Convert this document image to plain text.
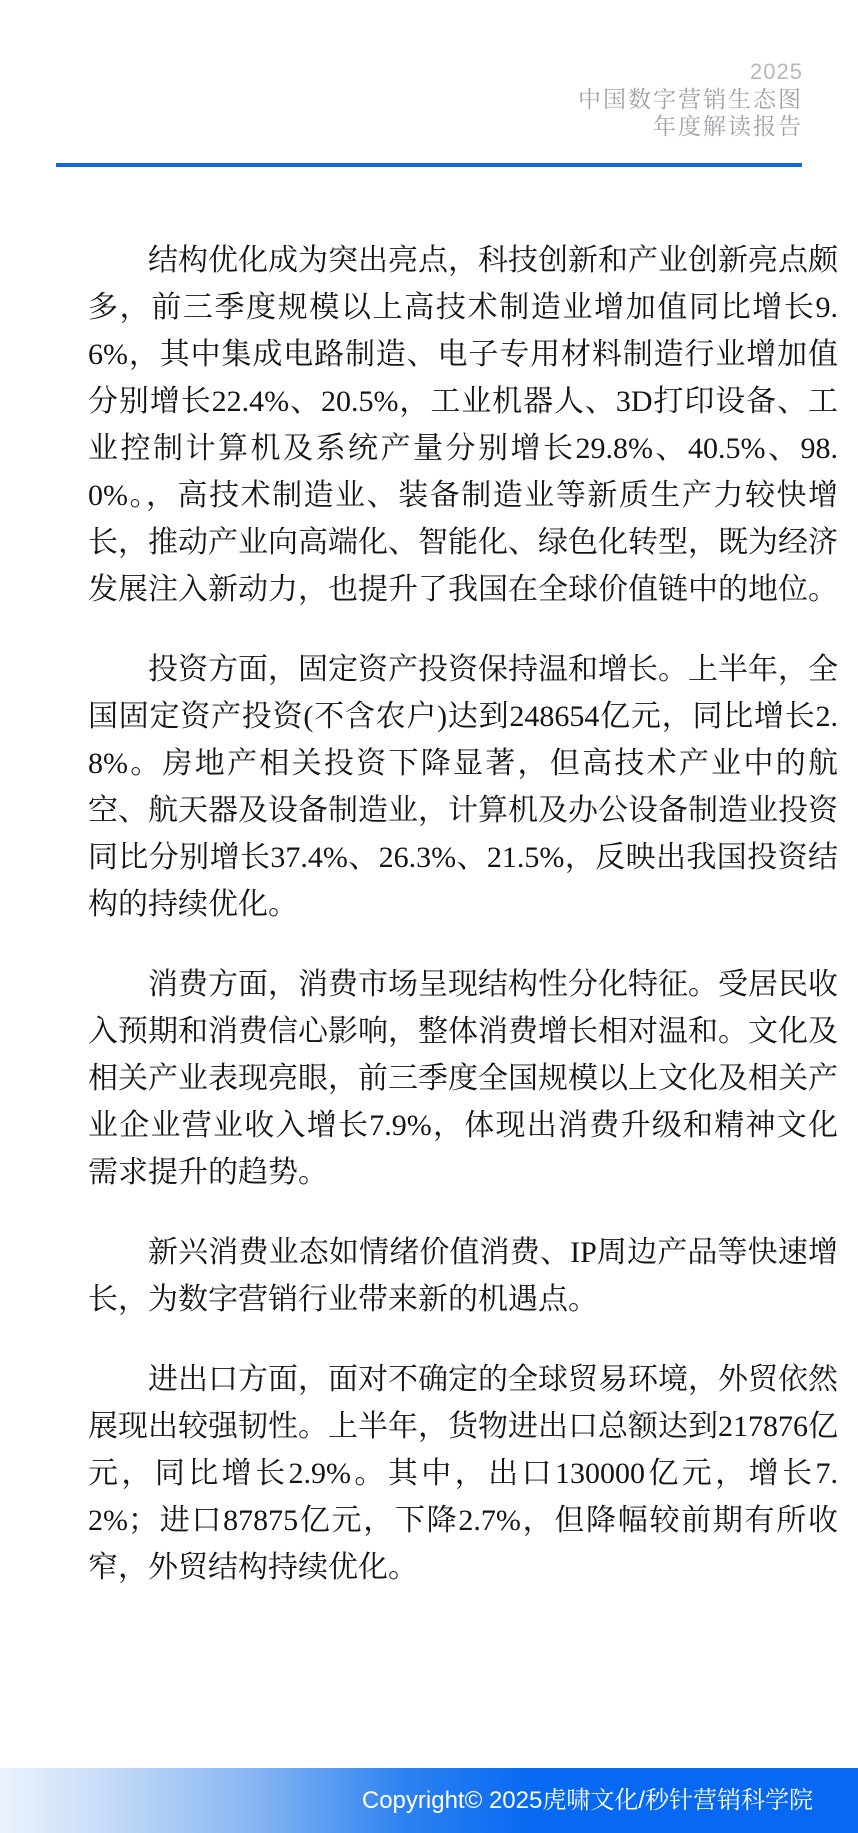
2025
中国数字营销生态图
年度解读报告

结构优化成为突出亮点，科技创新和产业创新亮点颇多，前三季度规模以上高技术制造业增加值同比增长9.6%，其中集成电路制造、电子专用材料制造行业增加值分别增长22.4%、20.5%，工业机器人、3D打印设备、工业控制计算机及系统产量分别增长29.8%、40.5%、98.0%。，高技术制造业、装备制造业等新质生产力较快增长，推动产业向高端化、智能化、绿色化转型，既为经济发展注入新动力，也提升了我国在全球价值链中的地位。

投资方面，固定资产投资保持温和增长。上半年，全国固定资产投资(不含农户)达到248654亿元，同比增长2.8%。房地产相关投资下降显著，但高技术产业中的航空、航天器及设备制造业，计算机及办公设备制造业投资同比分别增长37.4%、26.3%、21.5%，反映出我国投资结构的持续优化。

消费方面，消费市场呈现结构性分化特征。受居民收入预期和消费信心影响，整体消费增长相对温和。文化及相关产业表现亮眼，前三季度全国规模以上文化及相关产业企业营业收入增长7.9%，体现出消费升级和精神文化需求提升的趋势。

新兴消费业态如情绪价值消费、IP周边产品等快速增长，为数字营销行业带来新的机遇点。

进出口方面，面对不确定的全球贸易环境，外贸依然展现出较强韧性。上半年，货物进出口总额达到217876亿元，同比增长2.9%。其中，出口130000亿元，增长7.2%；进口87875亿元，下降2.7%，但降幅较前期有所收窄，外贸结构持续优化。

Copyright© 2025虎啸文化/秒针营销科学院
